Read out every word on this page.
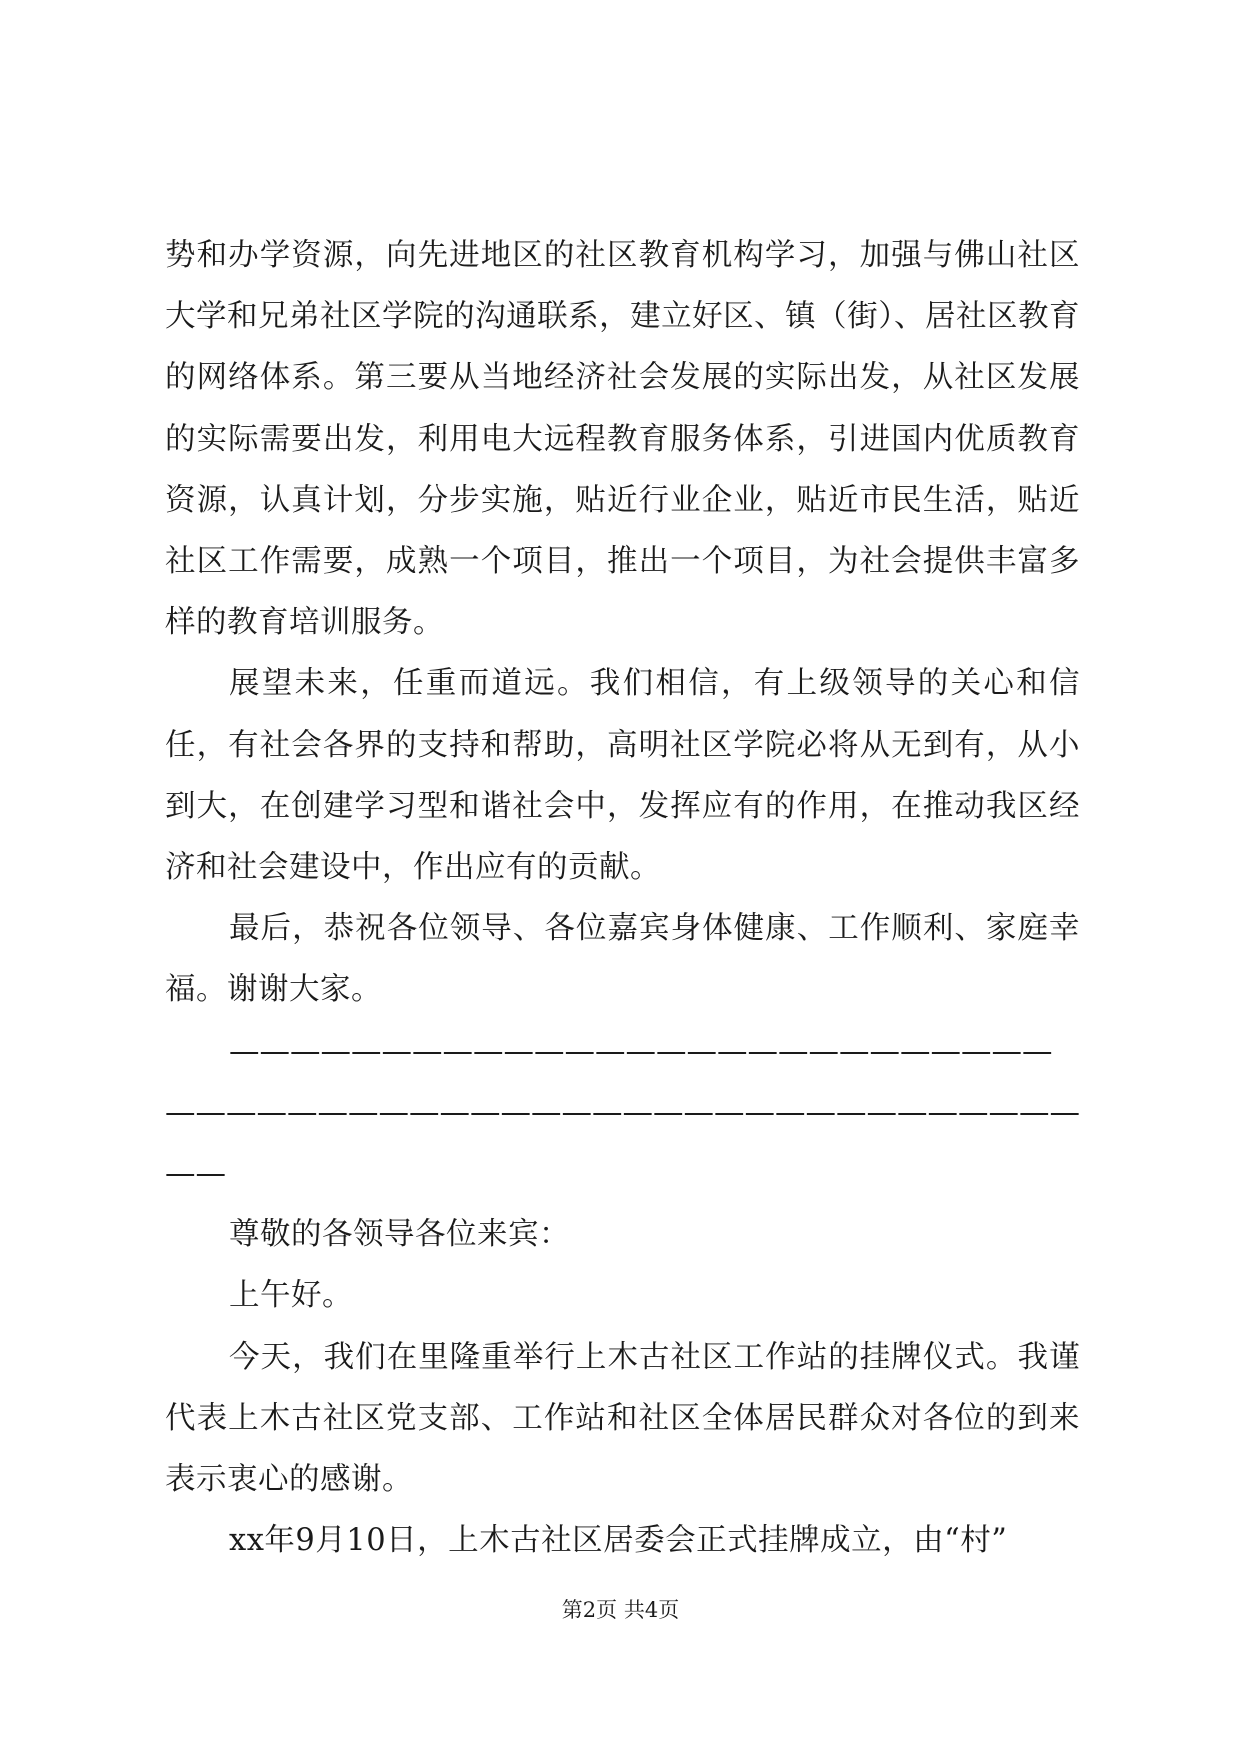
势和办学资源，向先进地区的社区教育机构学习，加强与佛山社区大学和兄弟社区学院的沟通联系，建立好区、镇（街）、居社区教育的网络体系。第三要从当地经济社会发展的实际出发，从社区发展的实际需要出发，利用电大远程教育服务体系，引进国内优质教育资源，认真计划，分步实施，贴近行业企业，贴近市民生活，贴近社区工作需要，成熟一个项目，推出一个项目，为社会提供丰富多样的教育培训服务。

展望未来，任重而道远。我们相信，有上级领导的关心和信任，有社会各界的支持和帮助，高明社区学院必将从无到有，从小到大，在创建学习型和谐社会中，发挥应有的作用，在推动我区经济和社会建设中，作出应有的贡献。

最后，恭祝各位领导、各位嘉宾身体健康、工作顺利、家庭幸福。谢谢大家。

———————————————————————————————————————————————————————————

尊敬的各领导各位来宾：

上午好。

今天，我们在里隆重举行上木古社区工作站的挂牌仪式。我谨代表上木古社区党支部、工作站和社区全体居民群众对各位的到来表示衷心的感谢。

xx年9月10日，上木古社区居委会正式挂牌成立，由“村”

第2页 共4页
